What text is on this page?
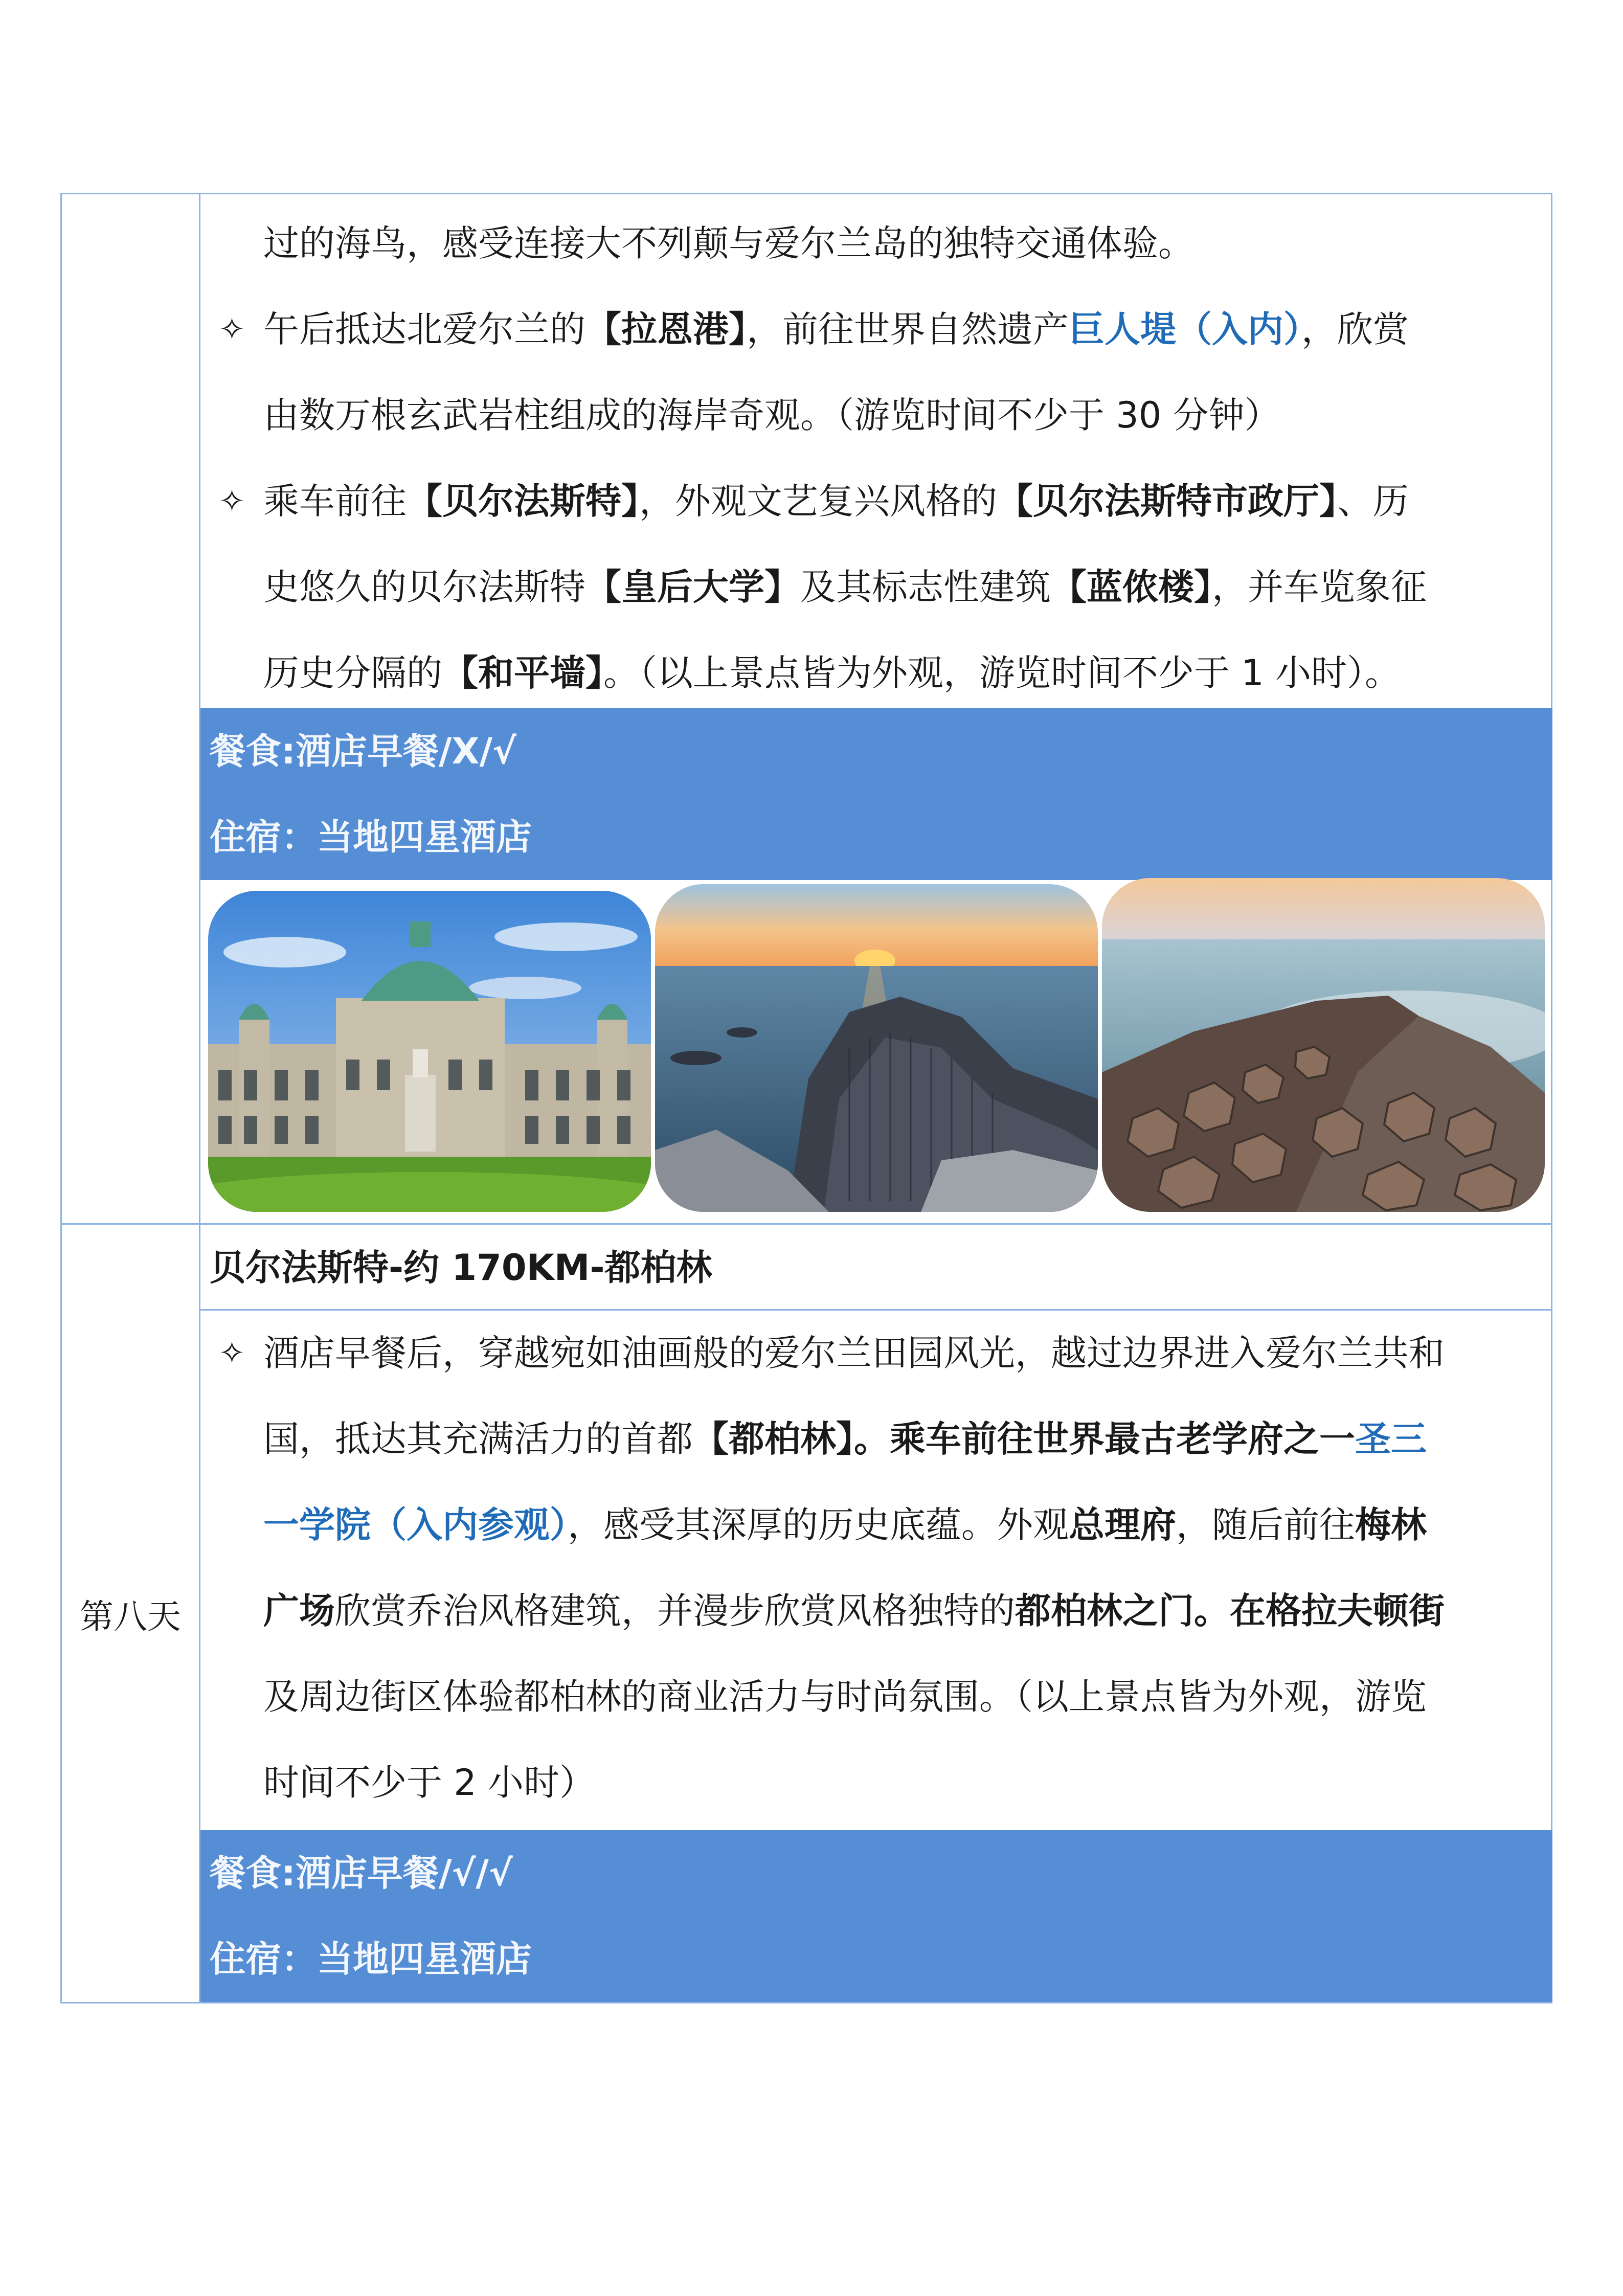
过的海鸟，感受连接大不列颠与爱尔兰岛的独特交通体验。
✧ 午后抵达北爱尔兰的【拉恩港】，前往世界自然遗产巨人堤（入内），欣赏
由数万根玄武岩柱组成的海岸奇观。（游览时间不少于 30 分钟）
✧ 乘车前往【贝尔法斯特】，外观文艺复兴风格的【贝尔法斯特市政厅】、历
史悠久的贝尔法斯特【皇后大学】及其标志性建筑【蓝侬楼】，并车览象征
历史分隔的【和平墙】。（以上景点皆为外观，游览时间不少于 1 小时）。
餐食:酒店早餐/X/√
住宿：当地四星酒店
第八天
贝尔法斯特-约 170KM-都柏林
✧ 酒店早餐后，穿越宛如油画般的爱尔兰田园风光，越过边界进入爱尔兰共和
国，抵达其充满活力的首都【都柏林】。乘车前往世界最古老学府之一圣三
一学院（入内参观），感受其深厚的历史底蕴。外观总理府，随后前往梅林
广场欣赏乔治风格建筑，并漫步欣赏风格独特的都柏林之门。在格拉夫顿街
及周边街区体验都柏林的商业活力与时尚氛围。（以上景点皆为外观，游览
时间不少于 2 小时）
餐食:酒店早餐/√/√
住宿：当地四星酒店
